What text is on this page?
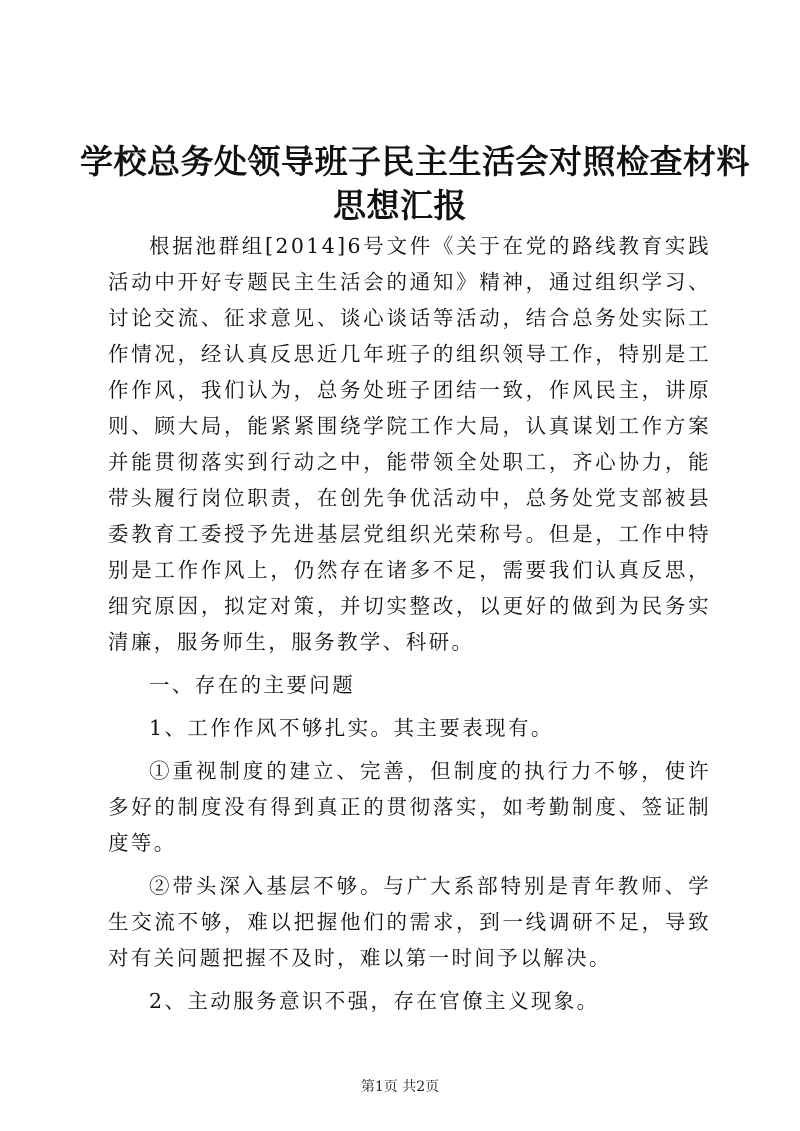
学校总务处领导班子民主生活会对照检查材料
思想汇报

根据池群组[2014]6号文件《关于在党的路线教育实践活动中开好专题民主生活会的通知》精神，通过组织学习、讨论交流、征求意见、谈心谈话等活动，结合总务处实际工作情况，经认真反思近几年班子的组织领导工作，特别是工作作风，我们认为，总务处班子团结一致，作风民主，讲原则、顾大局，能紧紧围绕学院工作大局，认真谋划工作方案并能贯彻落实到行动之中，能带领全处职工，齐心协力，能带头履行岗位职责，在创先争优活动中，总务处党支部被县委教育工委授予先进基层党组织光荣称号。但是，工作中特别是工作作风上，仍然存在诸多不足，需要我们认真反思，细究原因，拟定对策，并切实整改，以更好的做到为民务实清廉，服务师生，服务教学、科研。

一、存在的主要问题

1、工作作风不够扎实。其主要表现有。

①重视制度的建立、完善，但制度的执行力不够，使许多好的制度没有得到真正的贯彻落实，如考勤制度、签证制度等。

②带头深入基层不够。与广大系部特别是青年教师、学生交流不够，难以把握他们的需求，到一线调研不足，导致对有关问题把握不及时，难以第一时间予以解决。

2、主动服务意识不强，存在官僚主义现象。

第1页 共2页
